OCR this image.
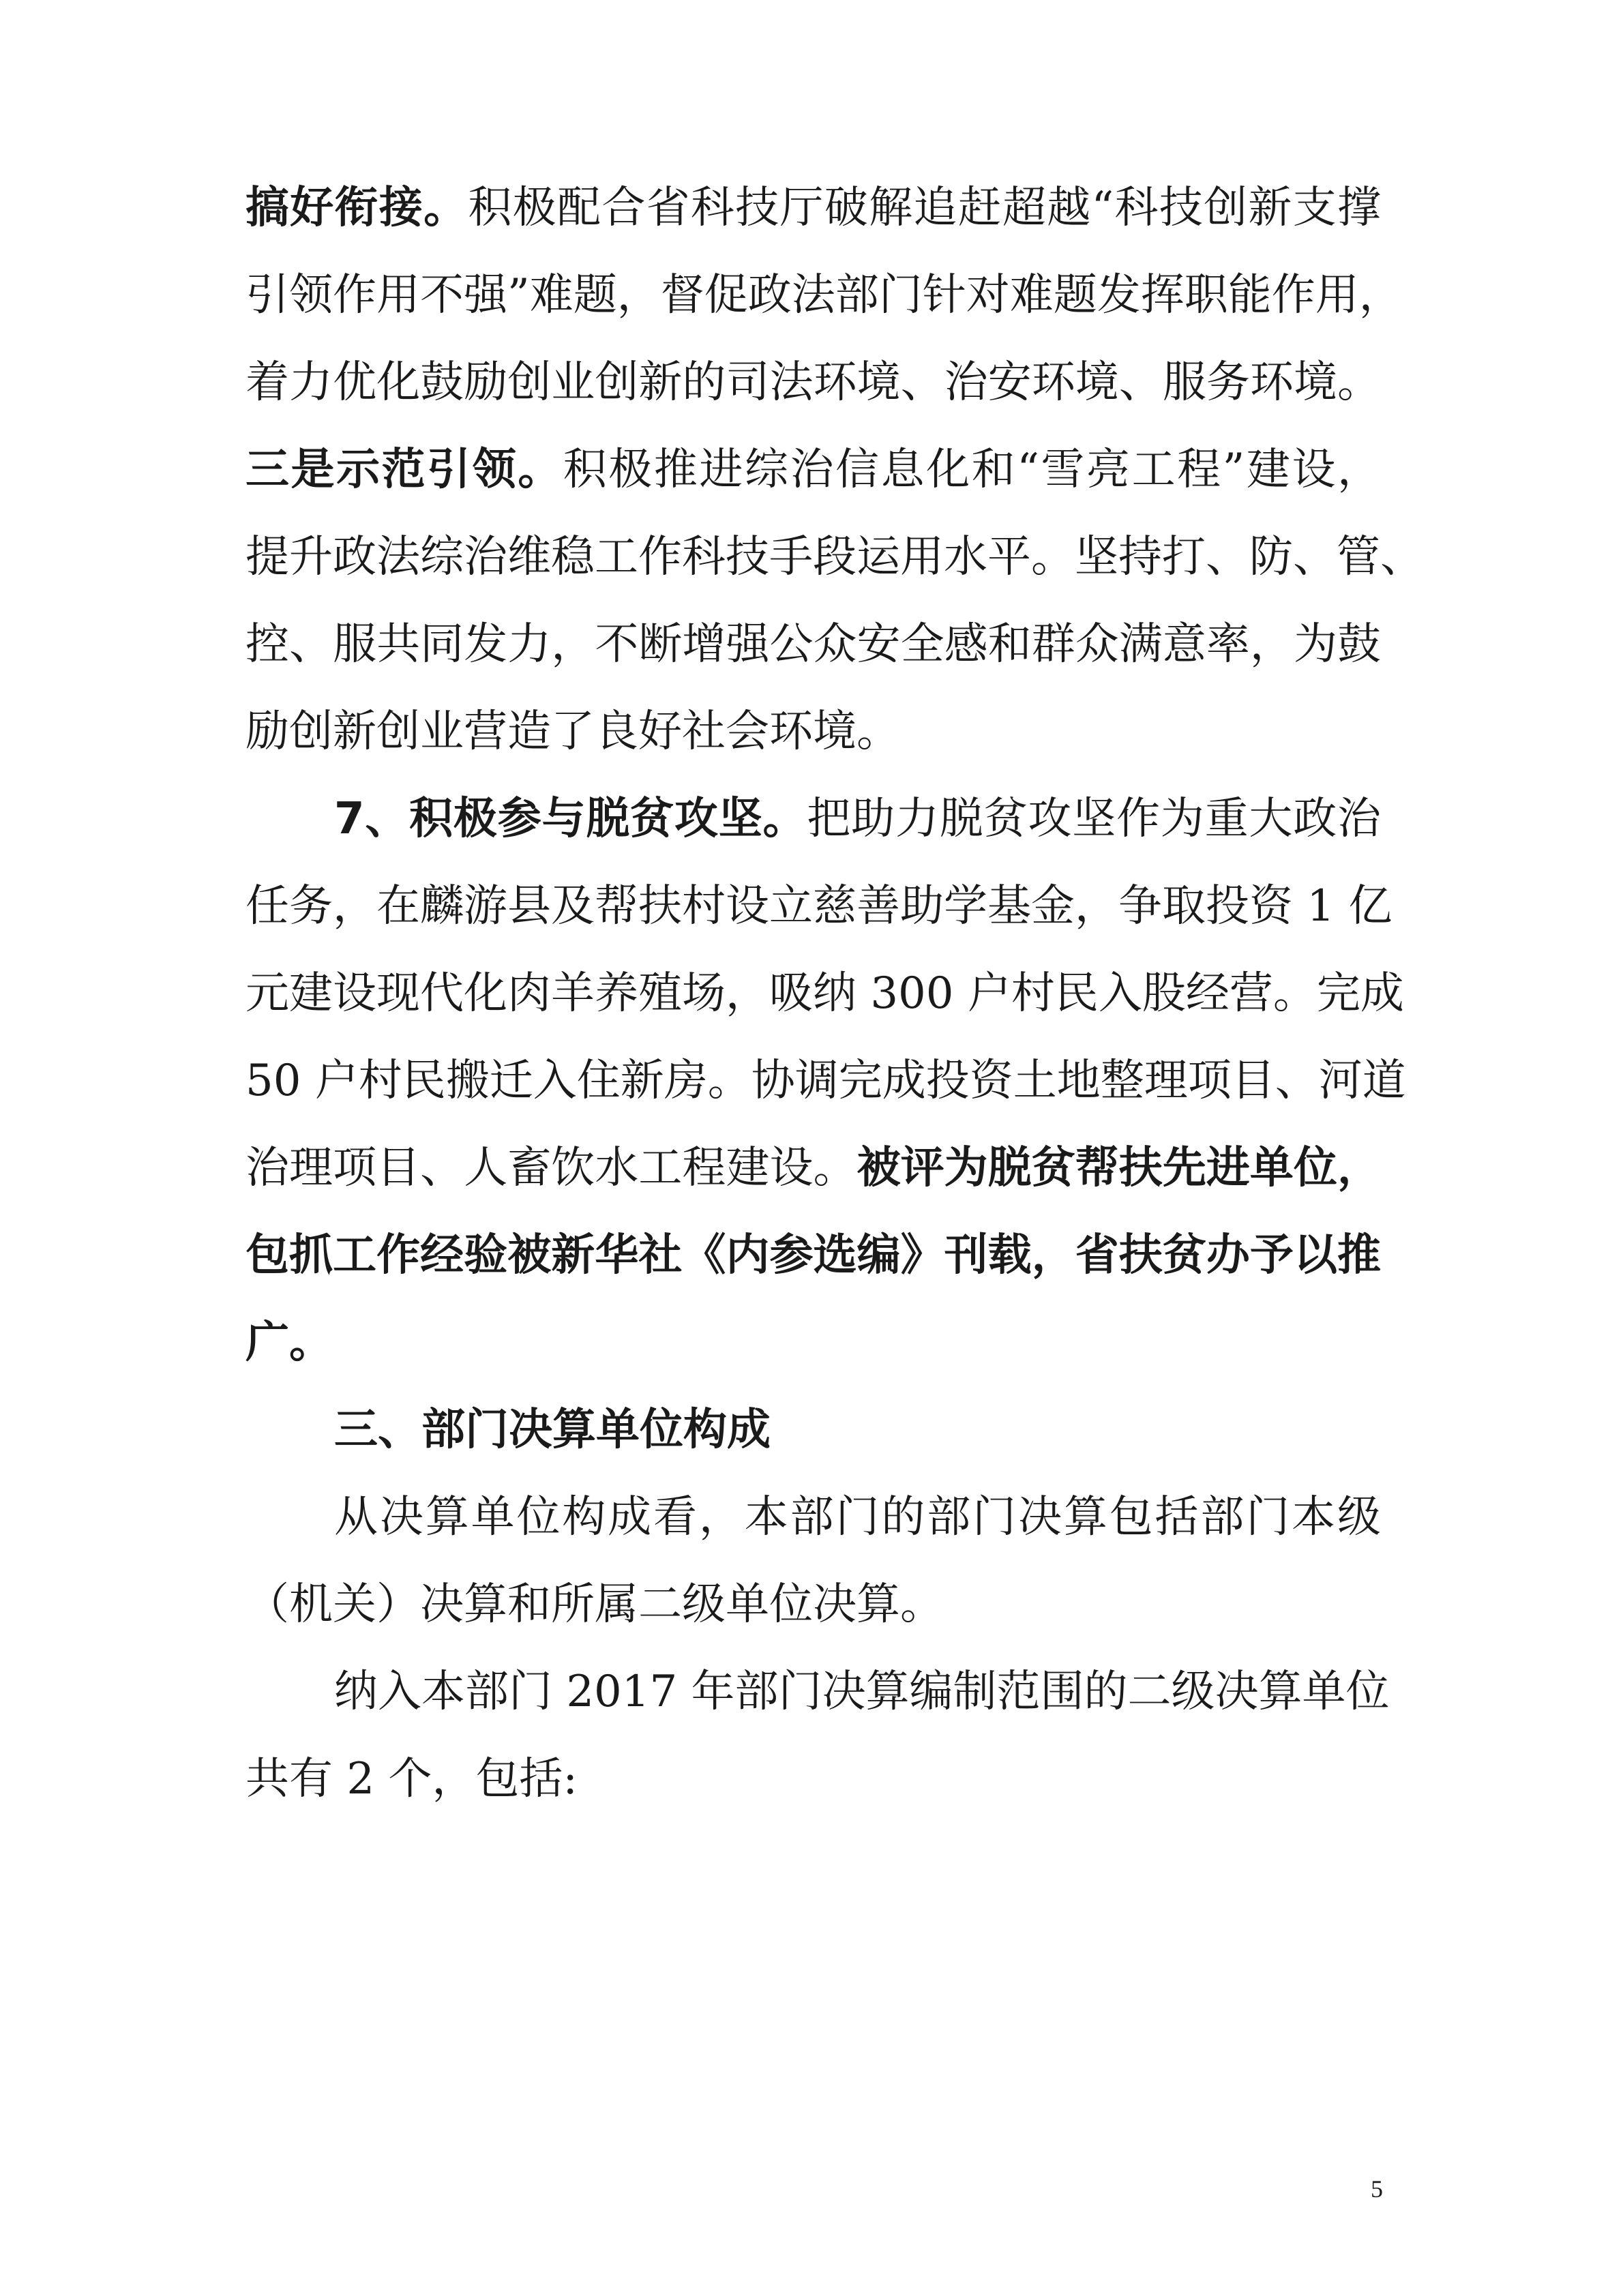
搞好衔接。积极配合省科技厅破解追赶超越“科技创新支撑
引领作用不强”难题，督促政法部门针对难题发挥职能作用，
着力优化鼓励创业创新的司法环境、治安环境、服务环境。
三是示范引领。积极推进综治信息化和“雪亮工程”建设，
提升政法综治维稳工作科技手段运用水平。坚持打、防、管、
控、服共同发力，不断增强公众安全感和群众满意率，为鼓
励创新创业营造了良好社会环境。
7、积极参与脱贫攻坚。把助力脱贫攻坚作为重大政治
任务，在麟游县及帮扶村设立慈善助学基金，争取投资 1 亿
元建设现代化肉羊养殖场，吸纳 300 户村民入股经营。完成
50 户村民搬迁入住新房。协调完成投资土地整理项目、河道
治理项目、人畜饮水工程建设。被评为脱贫帮扶先进单位，
包抓工作经验被新华社《内参选编》刊载，省扶贫办予以推
广。
三、部门决算单位构成
从决算单位构成看，本部门的部门决算包括部门本级
（机关）决算和所属二级单位决算。
纳入本部门 2017 年部门决算编制范围的二级决算单位
共有 2 个，包括:
5
